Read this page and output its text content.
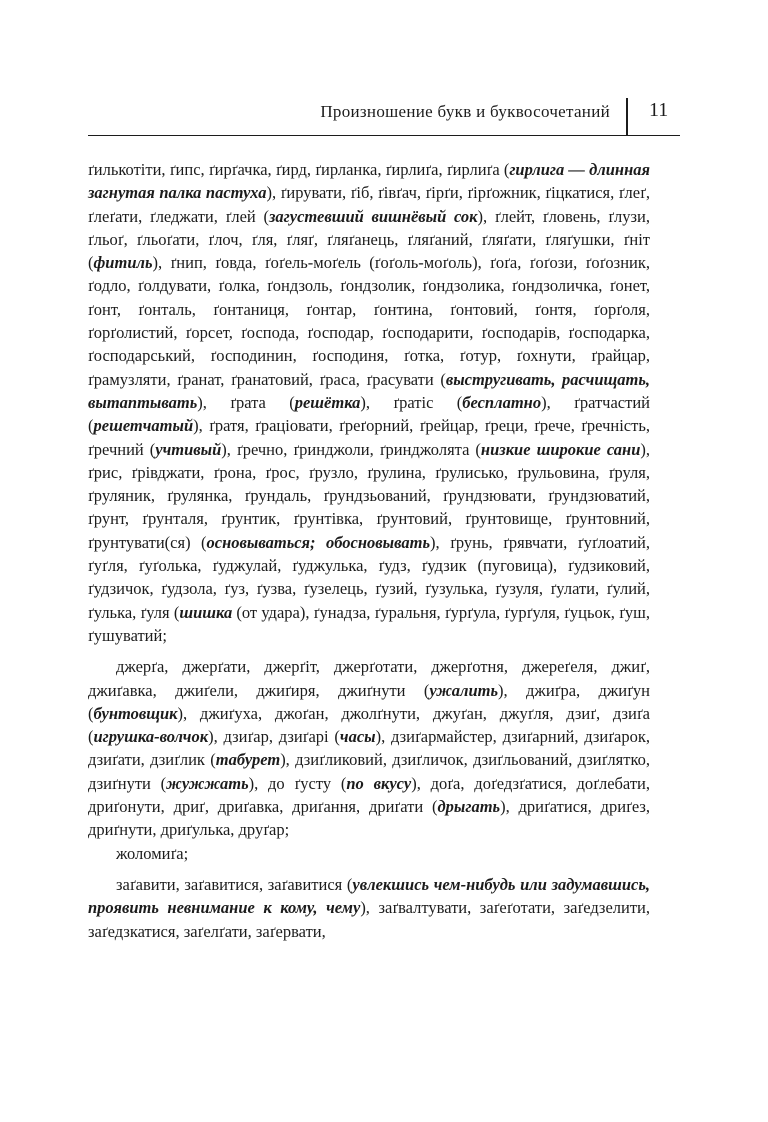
Произношение букв и буквосочетаний 11

ґилькотіти, ґипс, ґирґачка, ґирд, ґирланка, ґирлиґа, ґирлиґа (гирлига — длинная загнутая палка пастуха), ґирувати, ґіб, ґівґач, ґірґи, ґірґожник, ґіцкатися, ґлеґ, ґлеґати, ґледжати, ґлей (загустевший вишнёвый сок), ґлейт, ґловень, ґлузи, ґльоґ, ґльоґати, ґлоч, ґля, ґляґ, ґляґанець, ґляґаний, ґляґати, ґляґушки, ґніт (фитиль), ґнип, ґовда, ґоґель-моґель (ґоґоль-моґоль), ґоґа, ґоґози, ґоґозник, ґодло, ґолдувати, ґолка, ґондзоль, ґондзолик, ґондзолика, ґондзоличка, ґонет, ґонт, ґонталь, ґонтаниця, ґонтар, ґонтина, ґонтовий, ґонтя, ґорґоля, ґорґолистий, ґорсет, ґосподa, ґосподар, ґосподарити, ґосподарів, ґосподарка, ґосподарський, ґосподинин, ґосподиня, ґотка, ґотур, ґохнути, ґрайцар, ґрамузляти, ґранат, ґранатовий, ґраса, ґрасувати (выстругивать, расчищать, вытаптывать), ґрата (решётка), ґратіс (бесплатно), ґратчастий (решетчатый), ґратя, ґраціовати, ґреґорний, ґрейцар, ґреци, ґрече, ґречність, ґречний (учтивый), ґречно, ґринджоли, ґринджолята (низкие широкие сани), ґрис, ґрівджати, ґрона, ґрос, ґрузло, ґрулина, ґрулисько, ґрульовина, ґруля, ґруляник, ґрулянка, ґрундаль, ґрундзьований, ґрундзювати, ґрундзюватий, ґрунт, ґрунталя, ґрунтик, ґрунтівка, ґрунтовий, ґрунтовище, ґрунтовний, ґрунтувати(ся) (основываться; обосновывать), ґрунь, ґрявчати, ґуґлоатий, ґуґля, ґуґолька, ґуджулай, ґуджулька, ґудз, ґудзик (пуговица), ґудзиковий, ґудзичок, ґудзола, ґуз, ґузва, ґузелець, ґузий, ґузулька, ґузуля, ґулати, ґулий, ґулька, ґуля (шишка (от удара), ґунадза, ґуральня, ґурґула, ґурґуля, ґуцьок, ґуш, ґушуватий;

джерґа, джерґати, джерґіт, джерґотати, джерґотня, джереґеля, джиґ, джиґавка, джиґели, джиґиря, джиґнути (ужалить), джиґра, джиґун (бунтовщик), джиґуха, джоґан, джолґнути, джуґан, джуґля, дзиґ, дзиґа (игрушка-волчок), дзиґар, дзиґарі (часы), дзиґармайстер, дзиґарний, дзиґарок, дзиґати, дзиґлик (табурет), дзиґликовий, дзиґличок, дзиґльований, дзиґлятко, дзиґнути (жужжать), до ґусту (по вкусу), доґа, доґедзґатися, доґлебати, дриґонути, дриґ, дриґавка, дриґання, дриґати (дрыгать), дриґатися, дриґез, дриґнути, дриґулька, друґар;

жоломиґа;

заґавити, заґавитися, заґавитися (увлекшись чем-нибудь или задумавшись, проявить невнимание к кому, чему), заґвалтувати, заґеґотати, заґедзелити, заґедзкатися, заґелґати, заґервати,
